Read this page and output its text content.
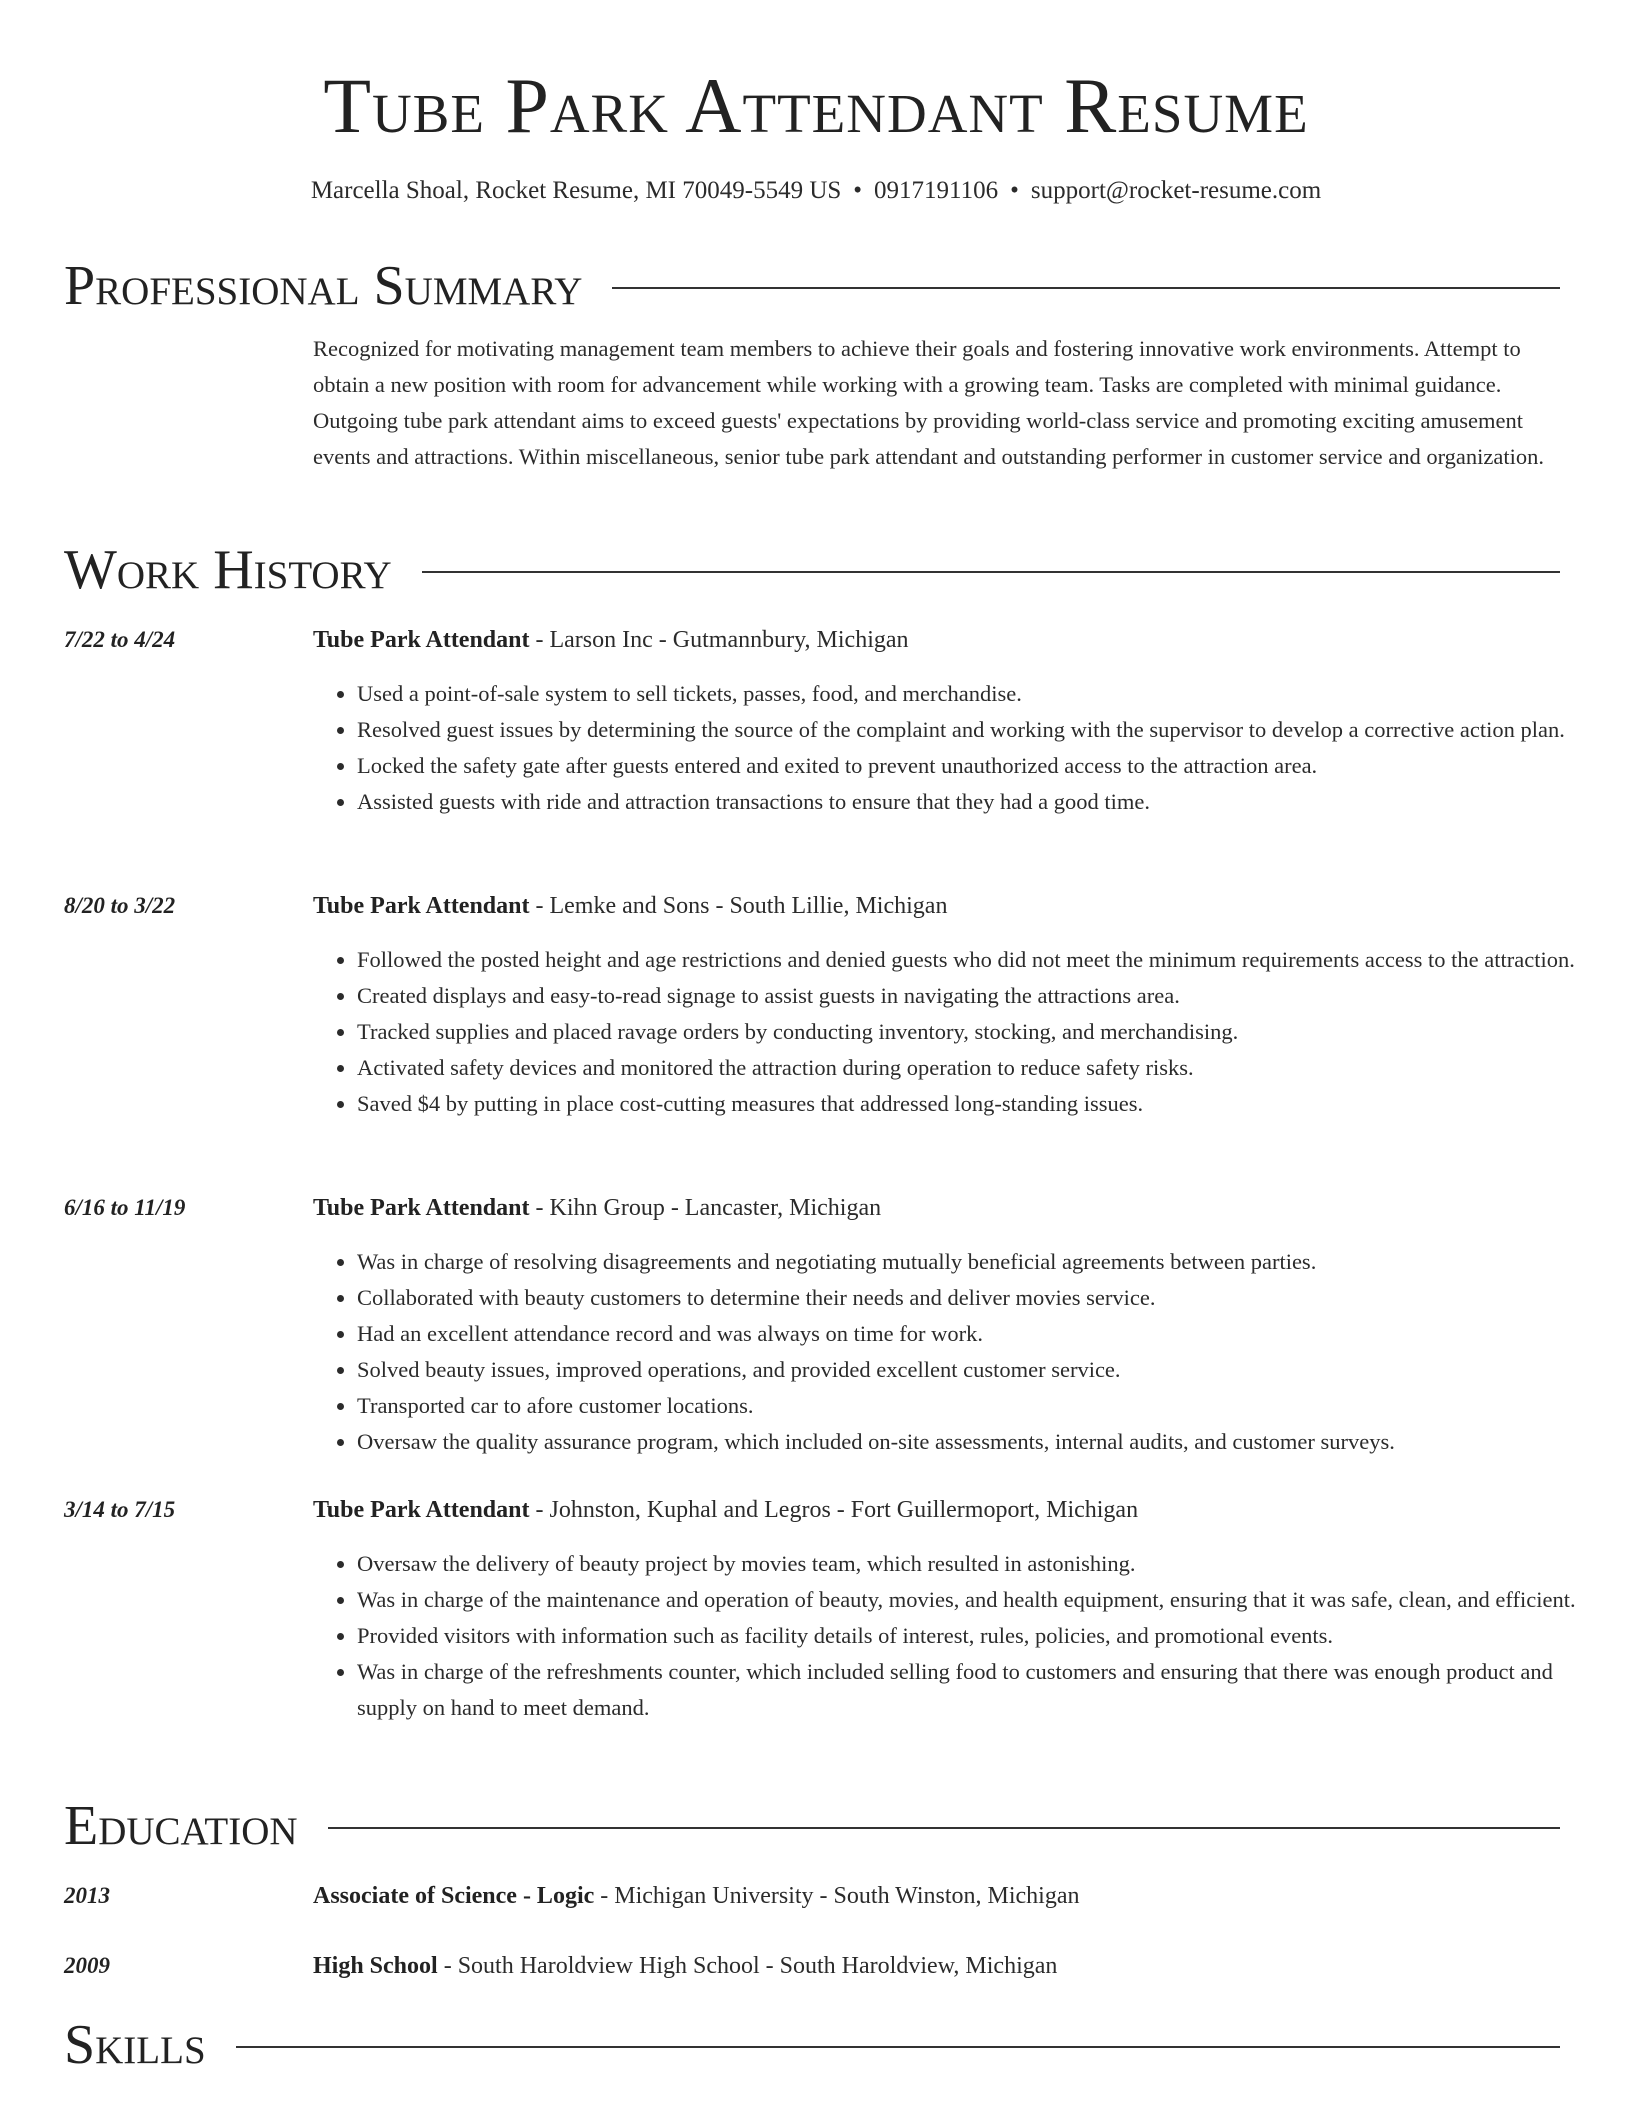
Tube Park Attendant Resume
Marcella Shoal, Rocket Resume, MI 70049-5549 US • 0917191106 • support@rocket-resume.com
Professional Summary

Recognized for motivating management team members to achieve their goals and fostering innovative work environments. Attempt to obtain a new position with room for advancement while working with a growing team. Tasks are completed with minimal guidance. Outgoing tube park attendant aims to exceed guests' expectations by providing world-class service and promoting exciting amusement events and attractions. Within miscellaneous, senior tube park attendant and outstanding performer in customer service and organization.

Work History
7/22 to 4/24	Tube Park Attendant - Larson Inc - Gutmannbury, Michigan
• Used a point-of-sale system to sell tickets, passes, food, and merchandise.
• Resolved guest issues by determining the source of the complaint and working with the supervisor to develop a corrective action plan.
• Locked the safety gate after guests entered and exited to prevent unauthorized access to the attraction area.
• Assisted guests with ride and attraction transactions to ensure that they had a good time.
8/20 to 3/22	Tube Park Attendant - Lemke and Sons - South Lillie, Michigan
• Followed the posted height and age restrictions and denied guests who did not meet the minimum requirements access to the attraction.
• Created displays and easy-to-read signage to assist guests in navigating the attractions area.
• Tracked supplies and placed ravage orders by conducting inventory, stocking, and merchandising.
• Activated safety devices and monitored the attraction during operation to reduce safety risks.
• Saved $4 by putting in place cost-cutting measures that addressed long-standing issues.
6/16 to 11/19	Tube Park Attendant - Kihn Group - Lancaster, Michigan
• Was in charge of resolving disagreements and negotiating mutually beneficial agreements between parties.
• Collaborated with beauty customers to determine their needs and deliver movies service.
• Had an excellent attendance record and was always on time for work.
• Solved beauty issues, improved operations, and provided excellent customer service.
• Transported car to afore customer locations.
• Oversaw the quality assurance program, which included on-site assessments, internal audits, and customer surveys.
3/14 to 7/15	Tube Park Attendant - Johnston, Kuphal and Legros - Fort Guillermoport, Michigan
• Oversaw the delivery of beauty project by movies team, which resulted in astonishing.
• Was in charge of the maintenance and operation of beauty, movies, and health equipment, ensuring that it was safe, clean, and efficient.
• Provided visitors with information such as facility details of interest, rules, policies, and promotional events.
• Was in charge of the refreshments counter, which included selling food to customers and ensuring that there was enough product and supply on hand to meet demand.
Education
2013	Associate of Science - Logic - Michigan University - South Winston, Michigan
2009	High School - South Haroldview High School - South Haroldview, Michigan
Skills
